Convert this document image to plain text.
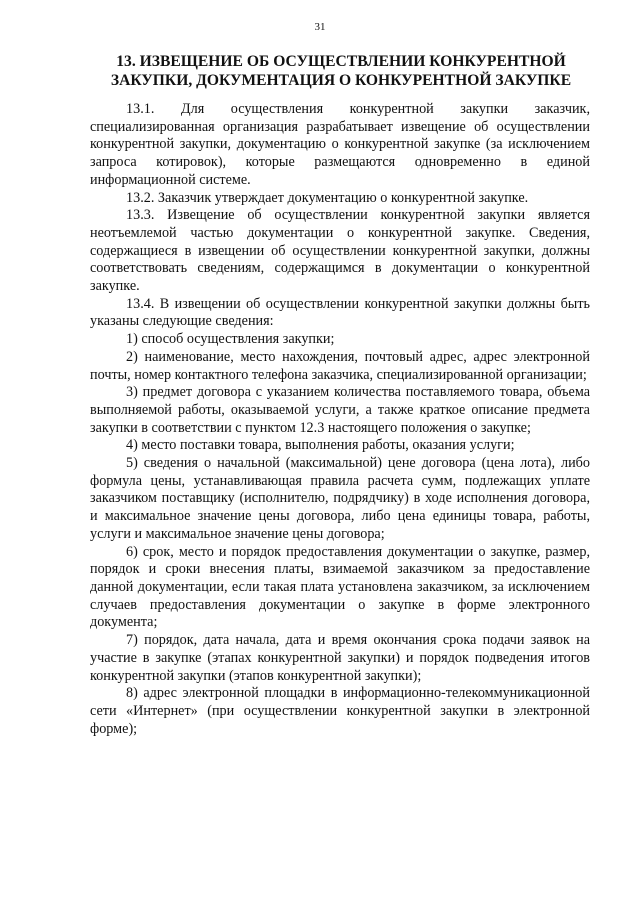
31
13. ИЗВЕЩЕНИЕ ОБ ОСУЩЕСТВЛЕНИИ КОНКУРЕНТНОЙ
ЗАКУПКИ, ДОКУМЕНТАЦИЯ О КОНКУРЕНТНОЙ ЗАКУПКЕ

13.1. Для осуществления конкурентной закупки заказчик, специализированная организация разрабатывает извещение об осуществлении конкурентной закупки, документацию о конкурентной закупке (за исключением запроса котировок), которые размещаются одновременно в единой информационной системе.

13.2. Заказчик утверждает документацию о конкурентной закупке.

13.3. Извещение об осуществлении конкурентной закупки является неотъемлемой частью документации о конкурентной закупке. Сведения, содержащиеся в извещении об осуществлении конкурентной закупки, должны соответствовать сведениям, содержащимся в документации о конкурентной закупке.

13.4. В извещении об осуществлении конкурентной закупки должны быть указаны следующие сведения:

1) способ осуществления закупки;

2) наименование, место нахождения, почтовый адрес, адрес электронной почты, номер контактного телефона заказчика, специализированной организации;

3) предмет договора с указанием количества поставляемого товара, объема выполняемой работы, оказываемой услуги, а также краткое описание предмета закупки в соответствии с пунктом 12.3 настоящего положения о закупке;

4) место поставки товара, выполнения работы, оказания услуги;

5) сведения о начальной (максимальной) цене договора (цена лота), либо формула цены, устанавливающая правила расчета сумм, подлежащих уплате заказчиком поставщику (исполнителю, подрядчику) в ходе исполнения договора, и максимальное значение цены договора, либо цена единицы товара, работы, услуги и максимальное значение цены договора;

6) срок, место и порядок предоставления документации о закупке, размер, порядок и сроки внесения платы, взимаемой заказчиком за предоставление данной документации, если такая плата установлена заказчиком, за исключением случаев предоставления документации о закупке в форме электронного документа;

7) порядок, дата начала, дата и время окончания срока подачи заявок на участие в закупке (этапах конкурентной закупки) и порядок подведения итогов конкурентной закупки (этапов конкурентной закупки);

8) адрес электронной площадки в информационно-телекоммуникационной сети «Интернет» (при осуществлении конкурентной закупки в электронной форме);
